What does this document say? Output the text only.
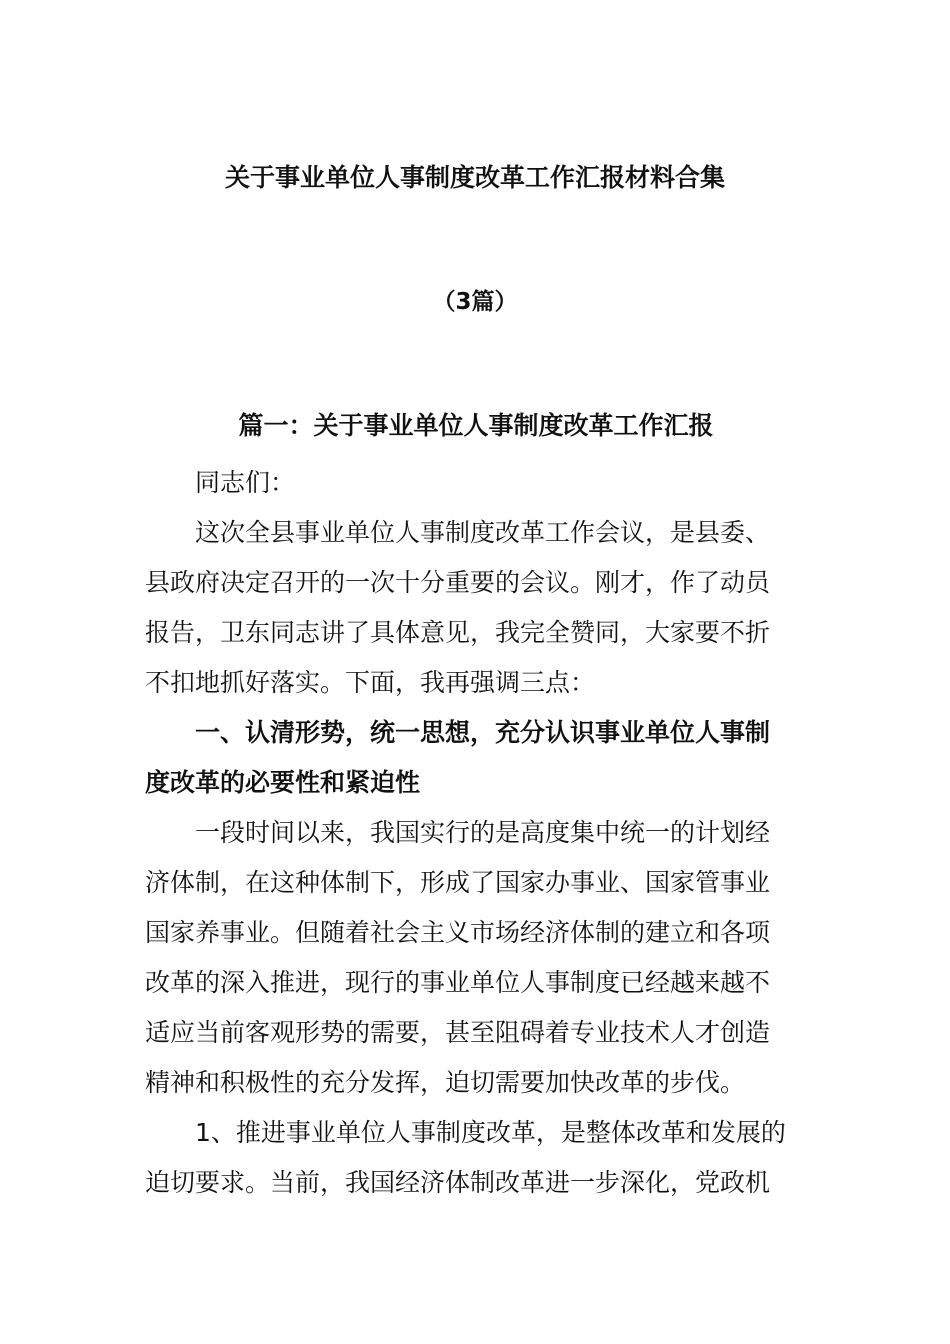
关于事业单位人事制度改革工作汇报材料合集
（3篇）
篇一：关于事业单位人事制度改革工作汇报

同志们：

这次全县事业单位人事制度改革工作会议，是县委、

县政府决定召开的一次十分重要的会议。刚才，作了动员

报告，卫东同志讲了具体意见，我完全赞同，大家要不折

不扣地抓好落实。下面，我再强调三点：

一、认清形势，统一思想，充分认识事业单位人事制

度改革的必要性和紧迫性

一段时间以来，我国实行的是高度集中统一的计划经

济体制，在这种体制下，形成了国家办事业、国家管事业

国家养事业。但随着社会主义市场经济体制的建立和各项

改革的深入推进，现行的事业单位人事制度已经越来越不

适应当前客观形势的需要，甚至阻碍着专业技术人才创造

精神和积极性的充分发挥，迫切需要加快改革的步伐。

1、推进事业单位人事制度改革，是整体改革和发展的

迫切要求。当前，我国经济体制改革进一步深化，党政机
